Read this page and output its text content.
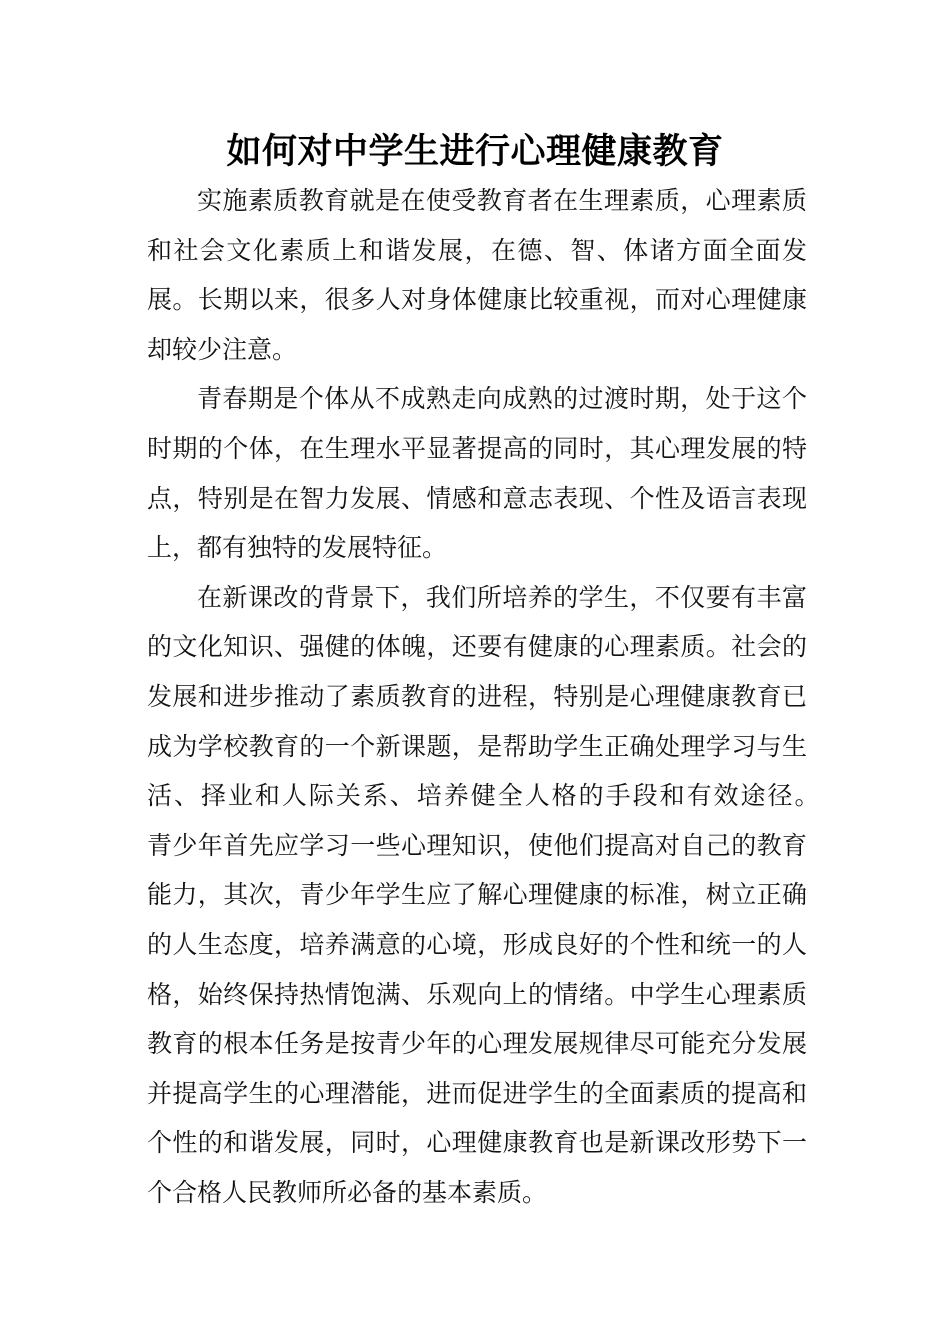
如何对中学生进行心理健康教育

实施素质教育就是在使受教育者在生理素质，心理素质和社会文化素质上和谐发展，在德、智、体诸方面全面发展。长期以来，很多人对身体健康比较重视，而对心理健康却较少注意。

青春期是个体从不成熟走向成熟的过渡时期，处于这个时期的个体，在生理水平显著提高的同时，其心理发展的特点，特别是在智力发展、情感和意志表现、个性及语言表现上，都有独特的发展特征。

在新课改的背景下，我们所培养的学生，不仅要有丰富的文化知识、强健的体魄，还要有健康的心理素质。社会的发展和进步推动了素质教育的进程，特别是心理健康教育已成为学校教育的一个新课题，是帮助学生正确处理学习与生活、择业和人际关系、培养健全人格的手段和有效途径。　　青少年首先应学习一些心理知识，使他们提高对自己的教育能力，其次，青少年学生应了解心理健康的标准，树立正确的人生态度，培养满意的心境，形成良好的个性和统一的人格，始终保持热情饱满、乐观向上的情绪。中学生心理素质教育的根本任务是按青少年的心理发展规律尽可能充分发展并提高学生的心理潜能，进而促进学生的全面素质的提高和个性的和谐发展，同时，心理健康教育也是新课改形势下一个合格人民教师所必备的基本素质。
